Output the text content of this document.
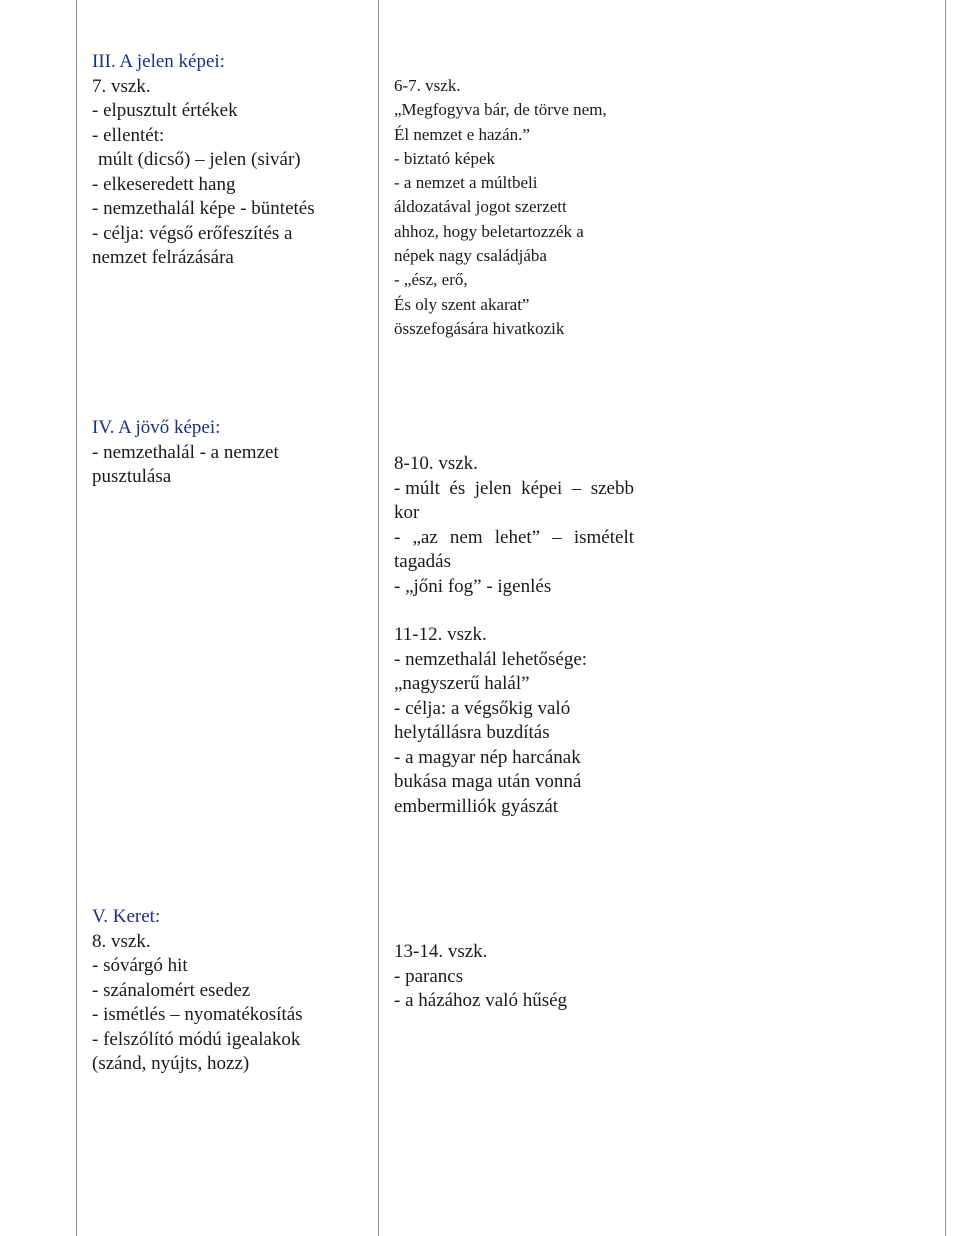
III. A jelen képei:
7. vszk.
- elpusztult értékek
- ellentét:
múlt (dicső) – jelen (sivár)
- elkeseredett hang
- nemzethalál képe - büntetés
- célja: végső erőfeszítés a
nemzet felrázására
6-7. vszk.
„Megfogyva bár, de törve nem,
Él nemzet e hazán.”
- biztató képek
- a nemzet a múltbeli
áldozatával jogot szerzett
ahhoz, hogy beletartozzék a
népek nagy családjába
- „ész, erő,
És oly szent akarat”
összefogására hivatkozik
IV. A jövő képei:
- nemzethalál - a nemzet
pusztulása
8-10. vszk.
- múlt és jelen képei – szebb
kor
- „az nem lehet” – ismételt
tagadás
- „jőni fog” - igenlés
11-12. vszk.
- nemzethalál lehetősége:
„nagyszerű halál”
- célja: a végsőkig való
helytállásra buzdítás
- a magyar nép harcának
bukása maga után vonná
embermilliók gyászát
V. Keret:
8. vszk.
- sóvárgó hit
- szánalomért esedez
- ismétlés – nyomatékosítás
- felszólító módú igealakok
(szánd, nyújts, hozz)
13-14. vszk.
- parancs
- a házához való hűség
